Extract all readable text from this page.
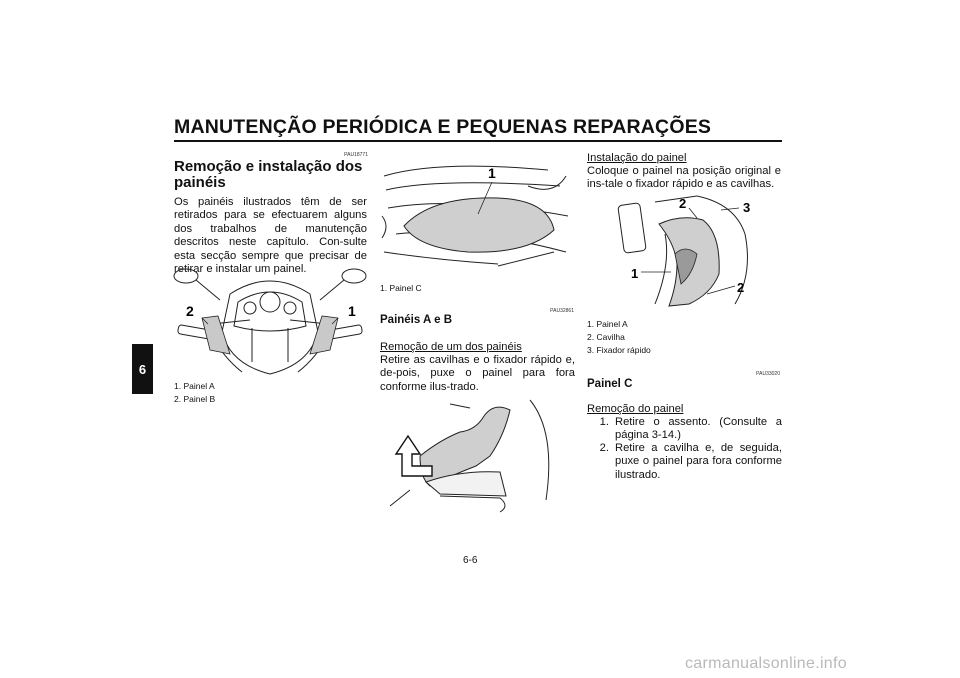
MANUTENÇÃO PERIÓDICA E PEQUENAS REPARAÇÕES
6
PAU18771
Remoção e instalação dos painéis
Os painéis ilustrados têm de ser retirados para se efectuarem alguns dos trabalhos de manutenção descritos neste capítulo. Con-sulte esta secção sempre que precisar de retirar e instalar um painel.
2	1
1. Painel A
2. Painel B
1
1. Painel C
PAU32861
Painéis A e B
Remoção de um dos painéis
Retire as cavilhas e o fixador rápido e, de-pois, puxe o painel para fora conforme ilus-trado.
Instalação do painel
Coloque o painel na posição original e ins-tale o fixador rápido e as cavilhas.
2	3
1
2
1. Painel A
2. Cavilha
3. Fixador rápido
PAU33020
Painel C
Remoção do painel
1. Retire o assento. (Consulte a página 3-14.)
2. Retire a cavilha e, de seguida, puxe o painel para fora conforme ilustrado.
6-6
carmanualsonline.info
